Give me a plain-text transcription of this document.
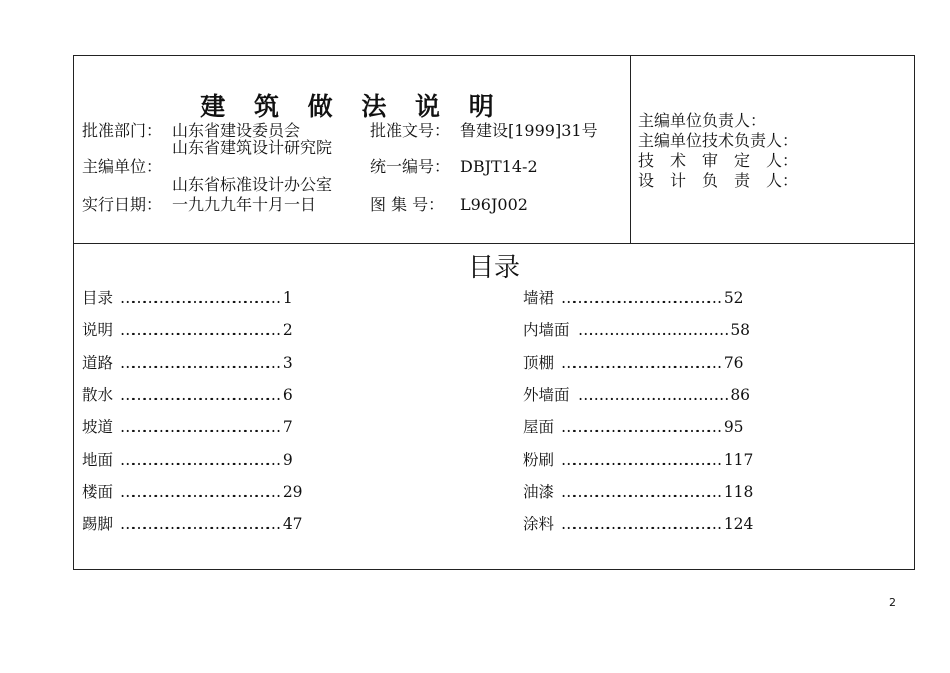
建 筑 做 法 说 明
批准部门： 山东省建设委员会	批准文号： 鲁建设[1999]31号
山东省建筑设计研究院
主编单位：	统一编号： DBJT14-2
山东省标准设计办公室
实行日期： 一九九九年十月一日	图 集 号： L96J002
主编单位负责人：
主编单位技术负责人：
技　术　审　定　人：
设　计　负　责　人：
目录
目录 …………………………………… 1
说明 …………………………………… 2
道路 …………………………………… 3
散水 …………………………………… 6
坡道 …………………………………… 7
地面 …………………………………… 9
楼面 …………………………………… 29
踢脚 …………………………………… 47
墙裙 …………………………………… 52
内墙面 …………………………………… 58
顶棚 …………………………………… 76
外墙面 …………………………………… 86
屋面 …………………………………… 95
粉刷 …………………………………… 117
油漆 …………………………………… 118
涂料 …………………………………… 124
2
